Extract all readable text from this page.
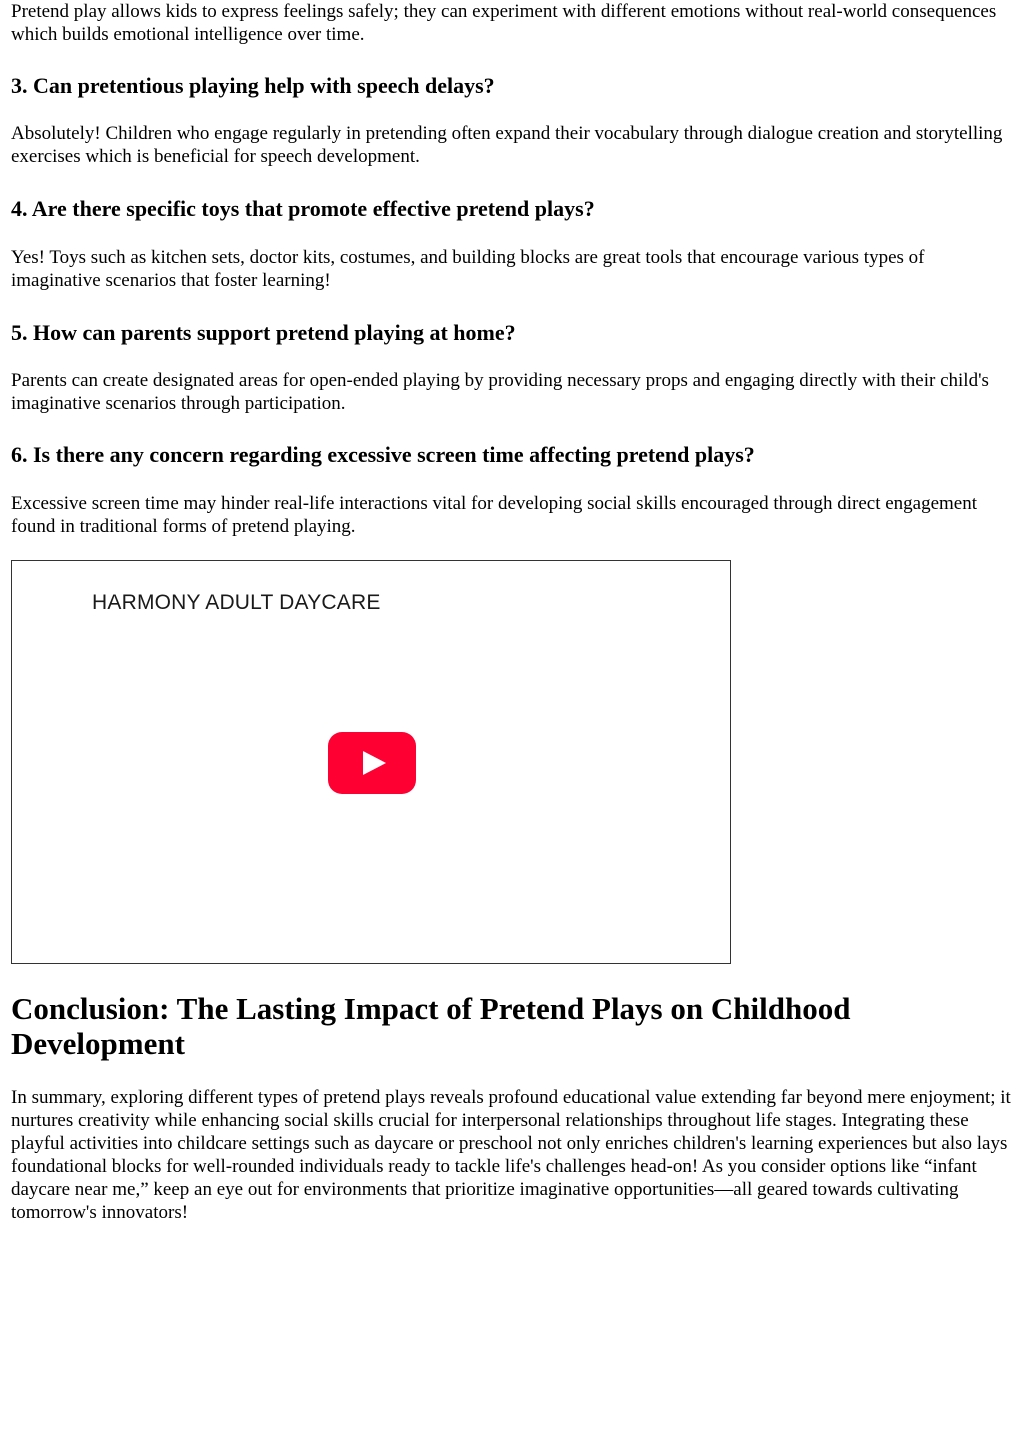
Pretend play allows kids to express feelings safely; they can experiment with different emotions without real-world consequences which builds emotional intelligence over time.

3. Can pretentious playing help with speech delays?

Absolutely! Children who engage regularly in pretending often expand their vocabulary through dialogue creation and storytelling exercises which is beneficial for speech development.

4. Are there specific toys that promote effective pretend plays?

Yes! Toys such as kitchen sets, doctor kits, costumes, and building blocks are great tools that encourage various types of imaginative scenarios that foster learning!

5. How can parents support pretend playing at home?

Parents can create designated areas for open-ended playing by providing necessary props and engaging directly with their child's imaginative scenarios through participation.

6. Is there any concern regarding excessive screen time affecting pretend plays?

Excessive screen time may hinder real-life interactions vital for developing social skills encouraged through direct engagement found in traditional forms of pretend playing.

HARMONY ADULT DAYCARE
Conclusion: The Lasting Impact of Pretend Plays on Childhood Development

In summary, exploring different types of pretend plays reveals profound educational value extending far beyond mere enjoyment; it nurtures creativity while enhancing social skills crucial for interpersonal relationships throughout life stages. Integrating these playful activities into childcare settings such as daycare or preschool not only enriches children's learning experiences but also lays foundational blocks for well-rounded individuals ready to tackle life's challenges head-on! As you consider options like “infant daycare near me,” keep an eye out for environments that prioritize imaginative opportunities—all geared towards cultivating tomorrow's innovators!
